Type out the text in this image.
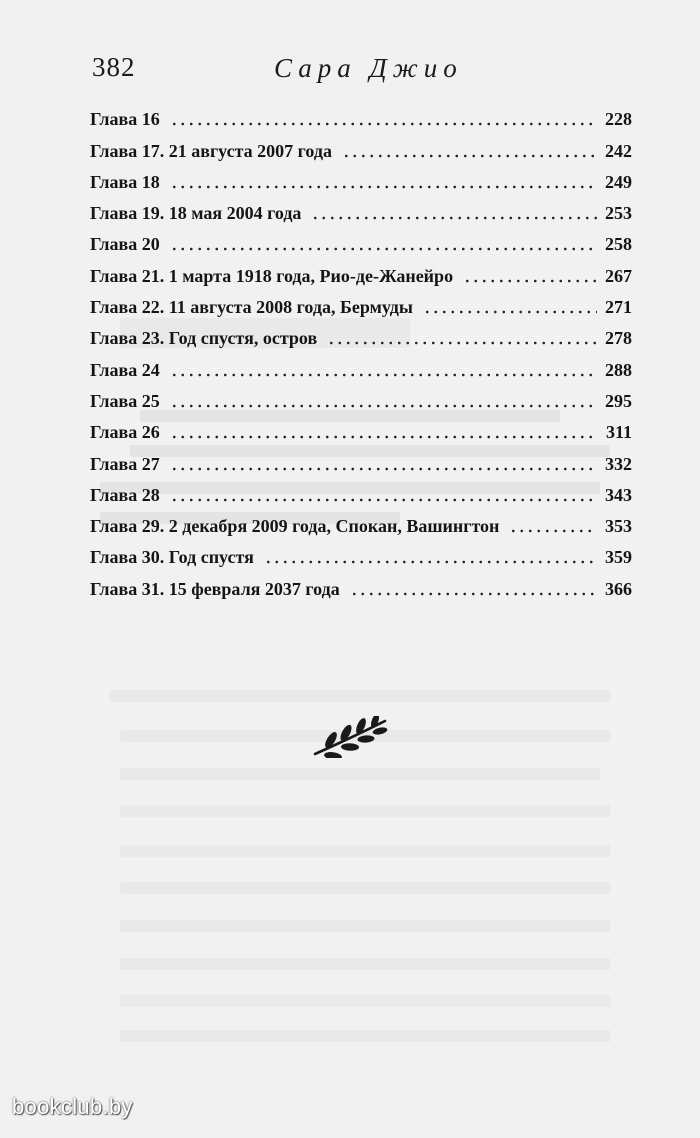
382	Сара Джио
Глава 16	228
Глава 17. 21 августа 2007 года	242
Глава 18	249
Глава 19. 18 мая 2004 года	253
Глава 20	258
Глава 21. 1 марта 1918 года, Рио-де-Жанейро	267
Глава 22. 11 августа 2008 года, Бермуды	271
Глава 23. Год спустя, остров	278
Глава 24	288
Глава 25	295
Глава 26	311
Глава 27	332
Глава 28	343
Глава 29. 2 декабря 2009 года, Спокан, Вашингтон	353
Глава 30. Год спустя	359
Глава 31. 15 февраля 2037 года	366
bookclub.by
